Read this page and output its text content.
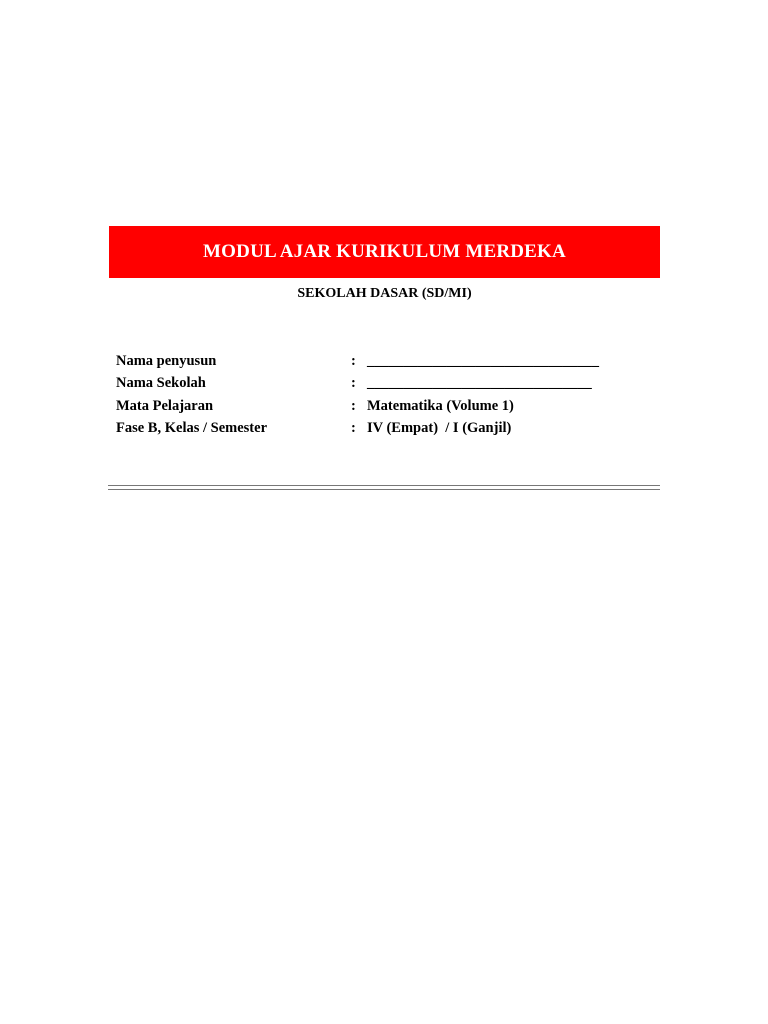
MODUL AJAR KURIKULUM MERDEKA
SEKOLAH DASAR (SD/MI)
Nama penyusun	: ________________________________
Nama Sekolah	: _______________________________
Mata Pelajaran	: Matematika (Volume 1)
Fase B, Kelas / Semester	: IV (Empat)  / I (Ganjil)
